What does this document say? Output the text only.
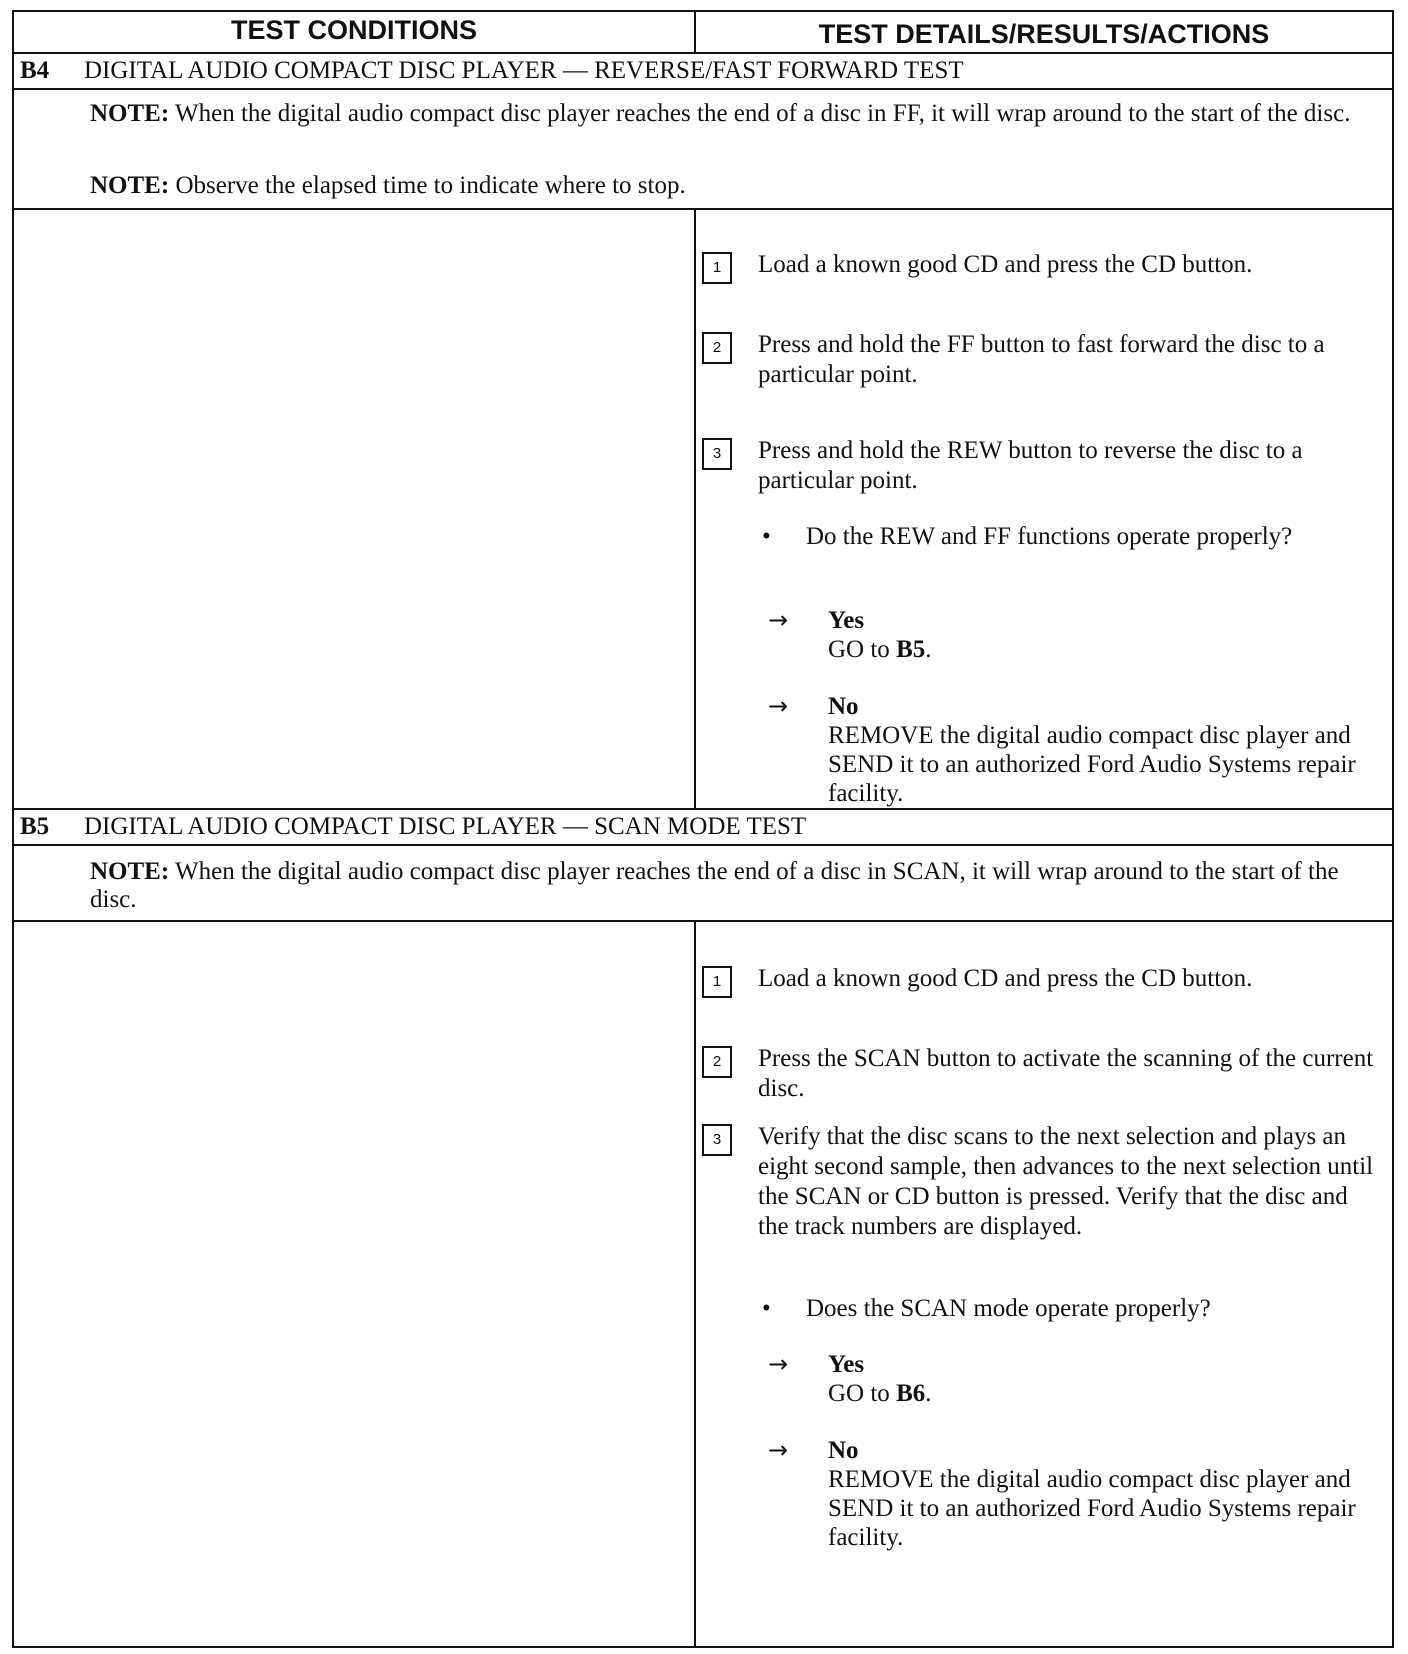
TEST CONDITIONS	TEST DETAILS/RESULTS/ACTIONS
B4 DIGITAL AUDIO COMPACT DISC PLAYER — REVERSE/FAST FORWARD TEST
NOTE: When the digital audio compact disc player reaches the end of a disc in FF, it will wrap around to the start of the disc.
NOTE: Observe the elapsed time to indicate where to stop.
1	Load a known good CD and press the CD button.
2	Press and hold the FF button to fast forward the disc to a particular point.
3	Press and hold the REW button to reverse the disc to a particular point.
• Do the REW and FF functions operate properly?
→ Yes
GO to B5.
→ No
REMOVE the digital audio compact disc player and SEND it to an authorized Ford Audio Systems repair facility.
B5 DIGITAL AUDIO COMPACT DISC PLAYER — SCAN MODE TEST
NOTE: When the digital audio compact disc player reaches the end of a disc in SCAN, it will wrap around to the start of the disc.
1	Load a known good CD and press the CD button.
2	Press the SCAN button to activate the scanning of the current disc.
3	Verify that the disc scans to the next selection and plays an eight second sample, then advances to the next selection until the SCAN or CD button is pressed. Verify that the disc and the track numbers are displayed.
• Does the SCAN mode operate properly?
→ Yes
GO to B6.
→ No
REMOVE the digital audio compact disc player and SEND it to an authorized Ford Audio Systems repair facility.
